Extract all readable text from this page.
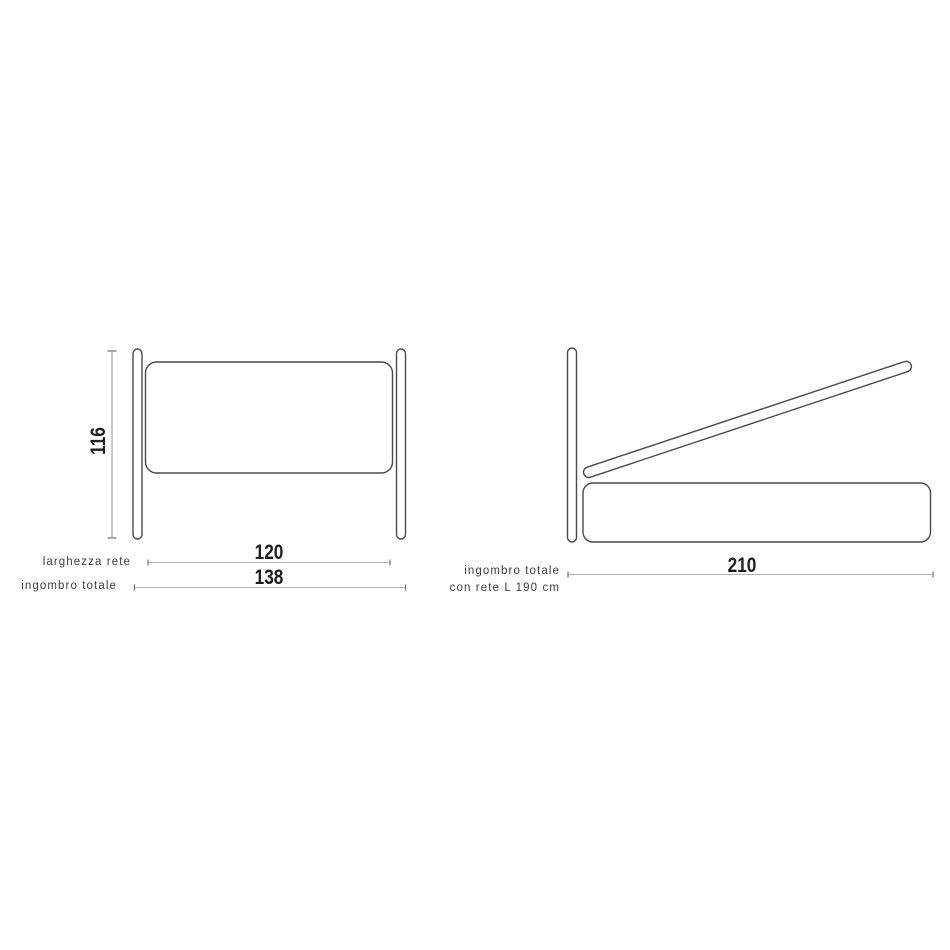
116
larghezza rete	120
ingombro totale	138	ingombro totale
con rete L 190 cm
210
